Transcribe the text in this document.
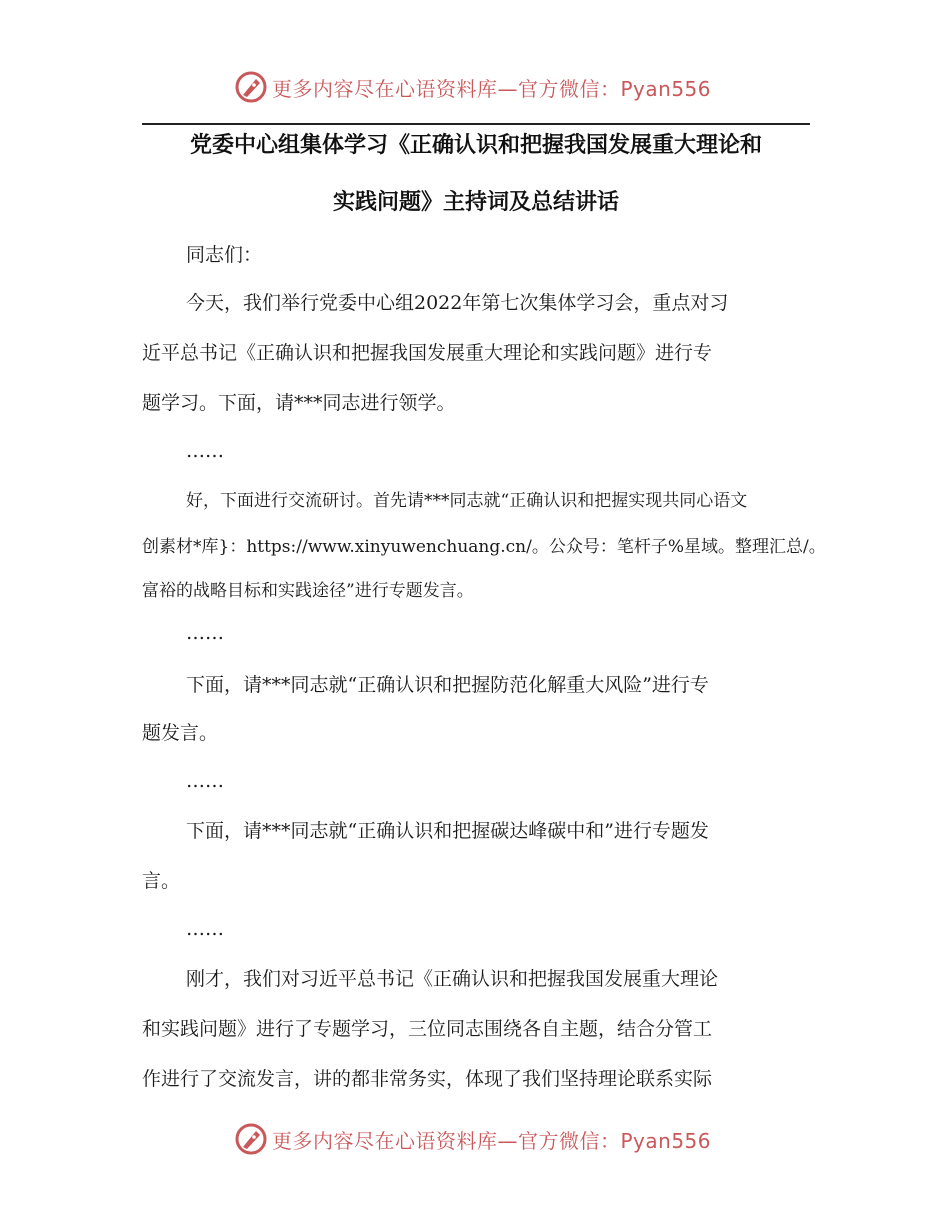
更多内容尽在心语资料库—官方微信：Pyan556
党委中心组集体学习《正确认识和把握我国发展重大理论和
实践问题》主持词及总结讲话
同志们：
今天，我们举行党委中心组2022年第七次集体学习会，重点对习
近平总书记《正确认识和把握我国发展重大理论和实践问题》进行专
题学习。下面，请***同志进行领学。
……
好，下面进行交流研讨。首先请***同志就“正确认识和把握实现共同心语文
创素材*库}：https://www.xinyuwenchuang.cn/。公众号：笔杆子%星域。整理汇总/。
富裕的战略目标和实践途径”进行专题发言。
……
下面，请***同志就“正确认识和把握防范化解重大风险”进行专
题发言。
……
下面，请***同志就“正确认识和把握碳达峰碳中和”进行专题发
言。
……
刚才，我们对习近平总书记《正确认识和把握我国发展重大理论
和实践问题》进行了专题学习，三位同志围绕各自主题，结合分管工
作进行了交流发言，讲的都非常务实，体现了我们坚持理论联系实际
更多内容尽在心语资料库—官方微信：Pyan556
